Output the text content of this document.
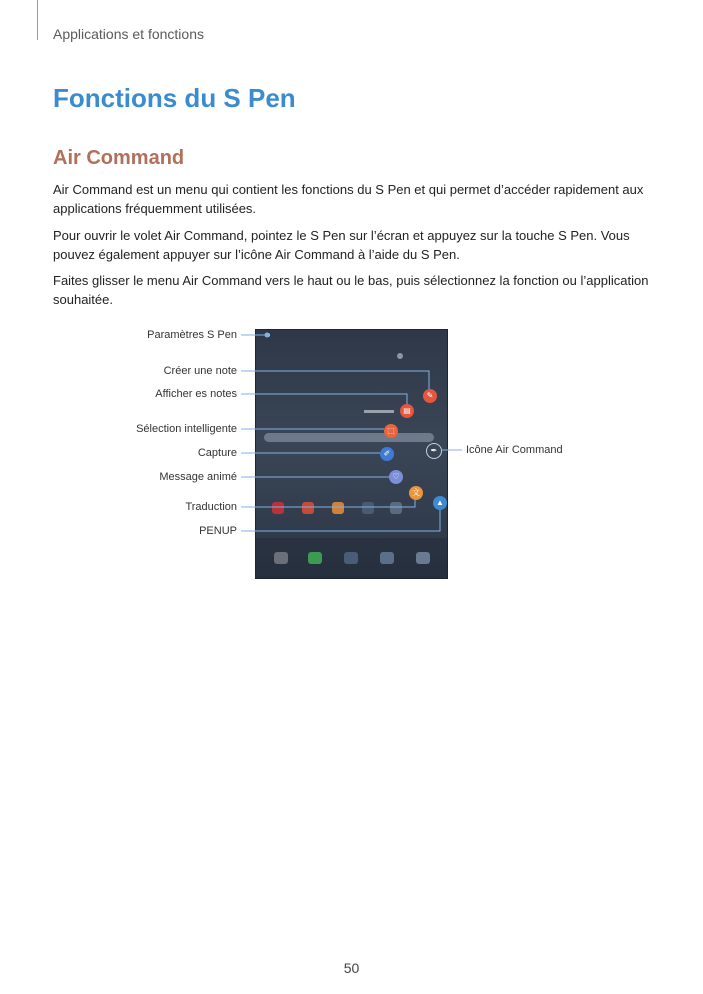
Applications et fonctions
Fonctions du S Pen
Air Command

Air Command est un menu qui contient les fonctions du S Pen et qui permet d’accéder rapidement aux applications fréquemment utilisées.

Pour ouvrir le volet Air Command, pointez le S Pen sur l’écran et appuyez sur la touche S Pen. Vous pouvez également appuyer sur l’icône Air Command à l’aide du S Pen.

Faites glisser le menu Air Command vers le haut ou le bas, puis sélectionnez la fonction ou l’application souhaitée.

✎
▤
⬚
✐
♡
文
▲
✒
Paramètres S Pen
Créer une note
Afficher es notes
Sélection intelligente
Capture
Message animé
Traduction
PENUP
Icône Air Command
50
